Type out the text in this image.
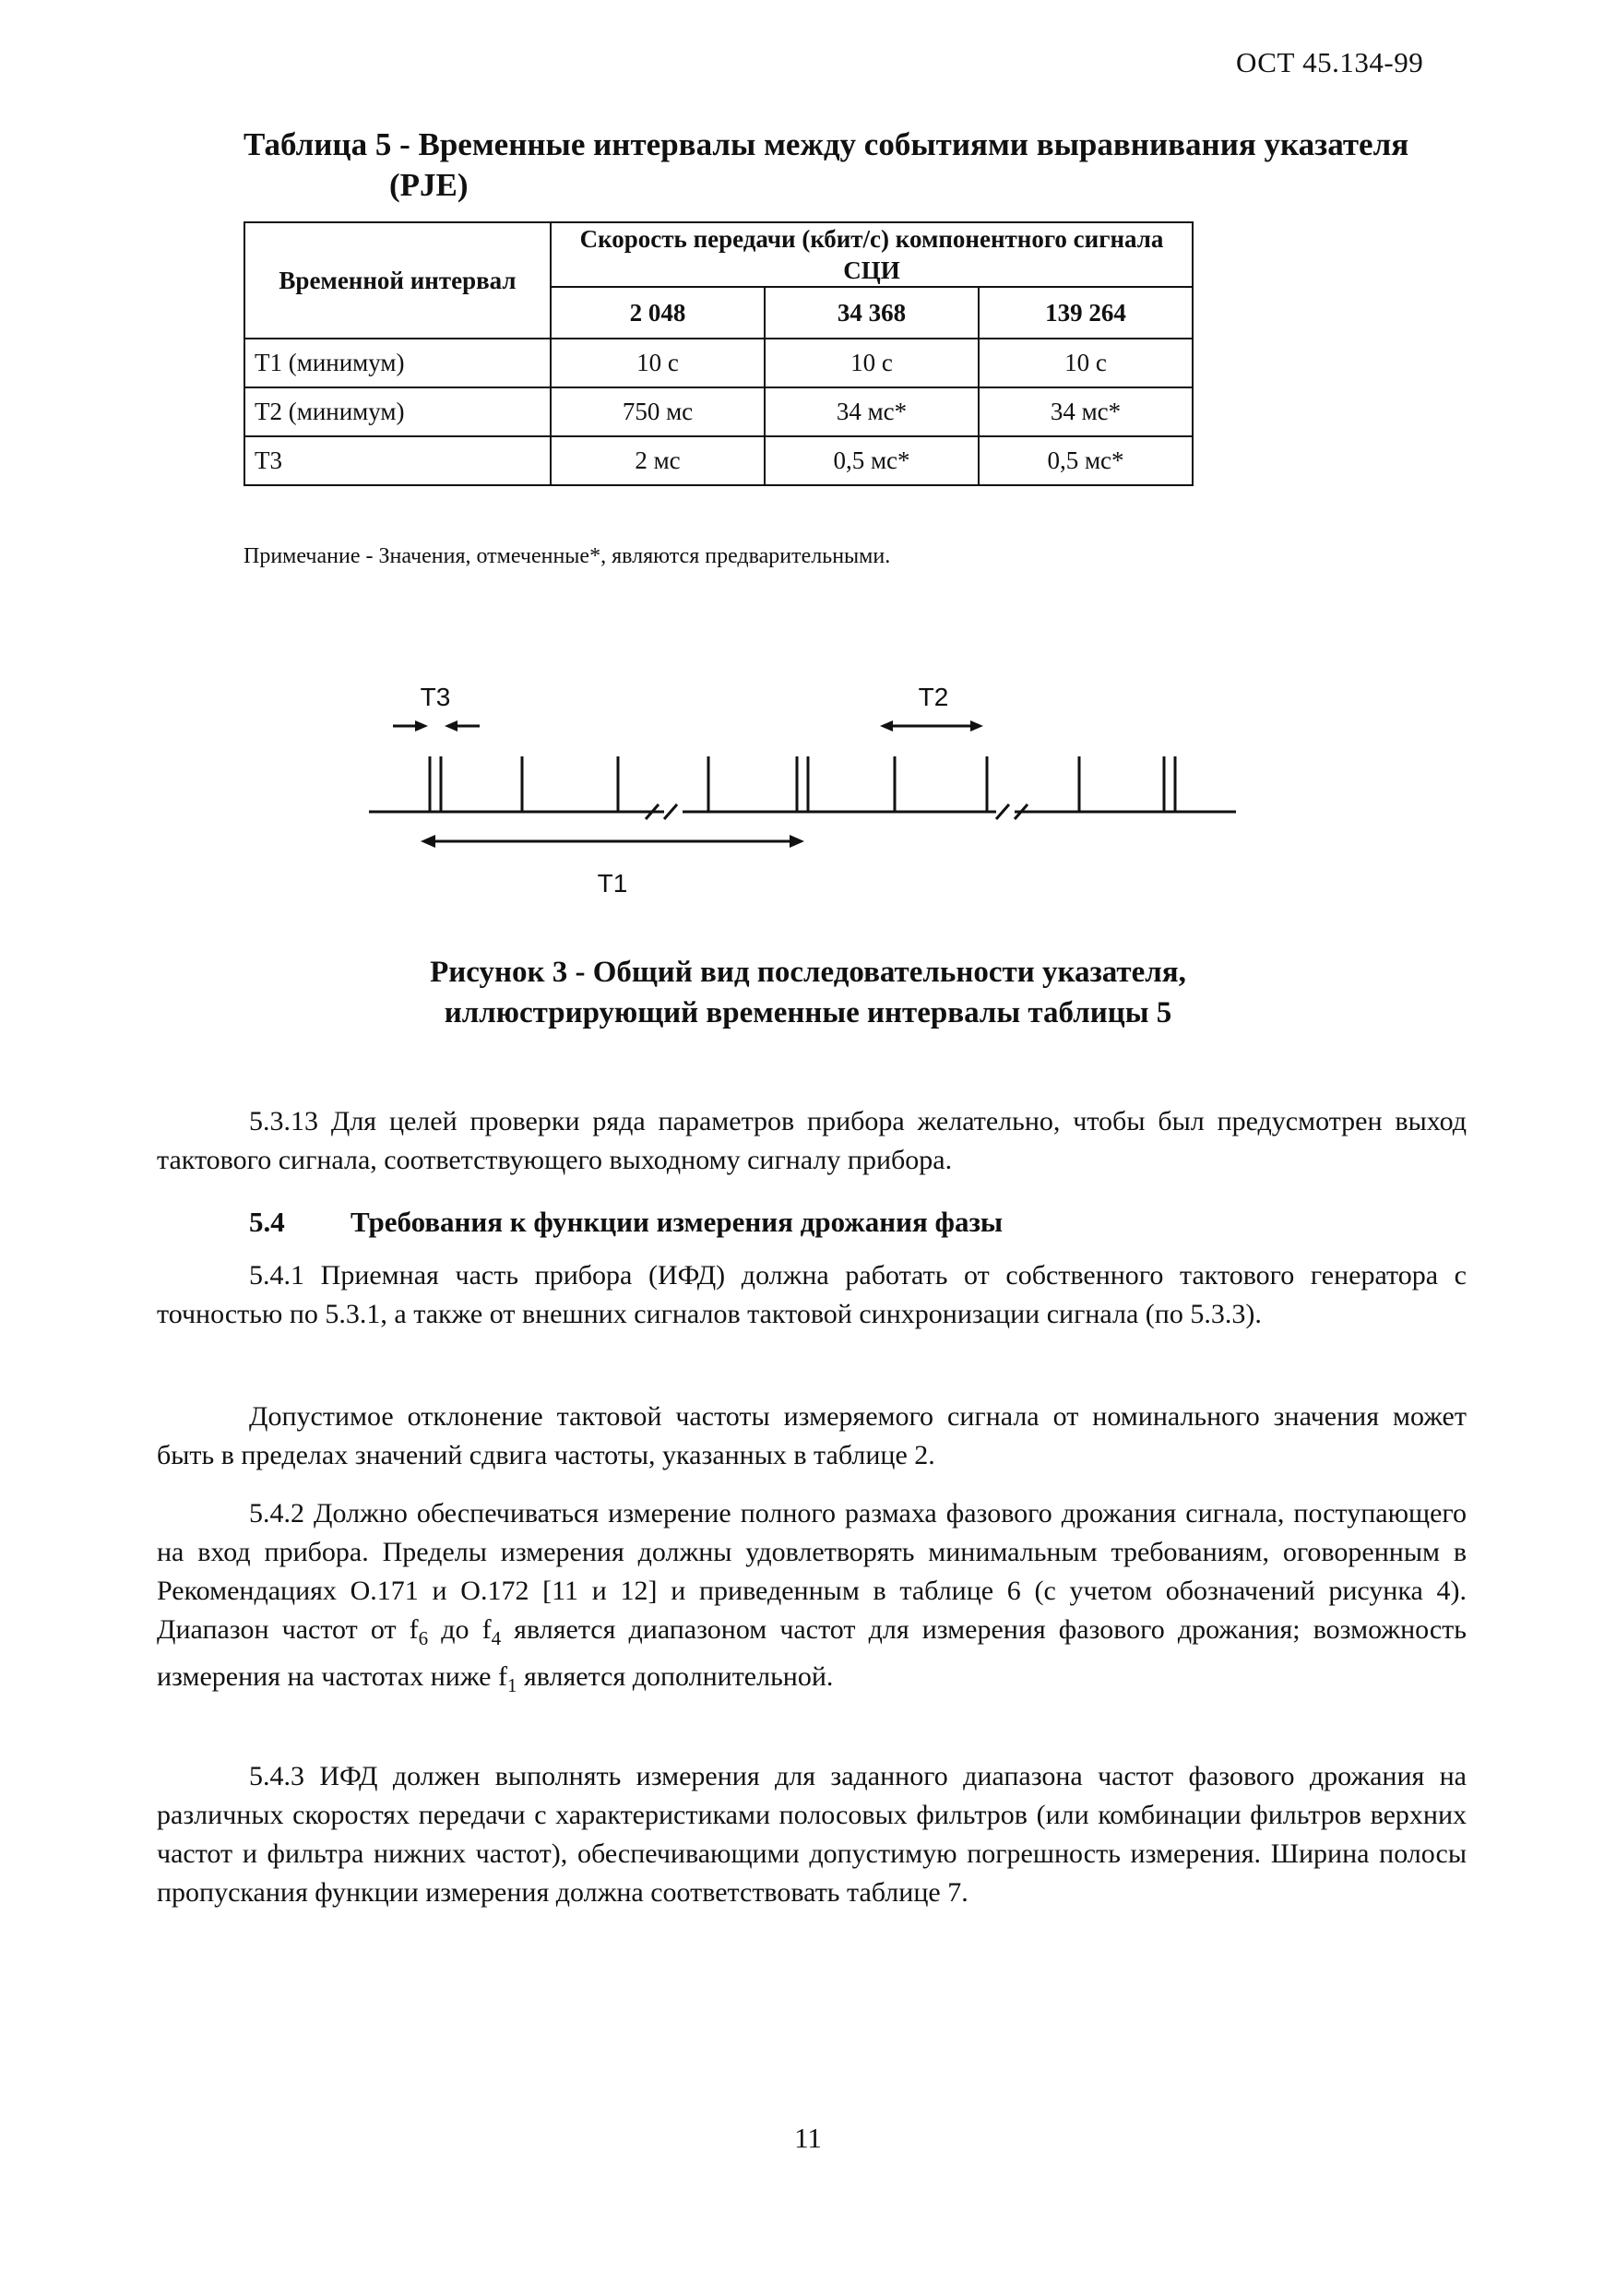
ОСТ 45.134-99
Таблица 5 - Временные интервалы между событиями выравнивания указателя
(PJE)
Временной интервал	Скорость передачи (кбит/с) компонентного сигнала СЦИ		
	2 048	34 368	139 264
T1 (минимум)	10 с	10 с	10 с
T2 (минимум)	750 мс	34 мс*	34 мс*
T3	2 мс	0,5 мс*	0,5 мс*
Примечание - Значения, отмеченные*, являются предварительными.
T3	T2
T1
Рисунок 3 - Общий вид последовательности указателя,
иллюстрирующий временные интервалы таблицы 5
5.3.13 Для целей проверки ряда параметров прибора желательно, чтобы был предусмотрен выход тактового сигнала, соответствующего выходному сигналу прибора.
5.4 Требования к функции измерения дрожания фазы
5.4.1 Приемная часть прибора (ИФД) должна работать от собственного тактового генератора с точностью по 5.3.1, а также от внешних сигналов тактовой синхронизации сигнала (по 5.3.3).
Допустимое отклонение тактовой частоты измеряемого сигнала от номинального значения может быть в пределах значений сдвига частоты, указанных в таблице 2.
5.4.2 Должно обеспечиваться измерение полного размаха фазового дрожания сигнала, поступающего на вход прибора. Пределы измерения должны удовлетворять минимальным требованиям, оговоренным в Рекомендациях O.171 и O.172 [11 и 12] и приведенным в таблице 6 (с учетом обозначений рисунка 4). Диапазон частот от $f_6$ до $f_4$ является диапазоном частот для измерения фазового дрожания; возможность измерения на частотах ниже $f_1$ является дополнительной.
5.4.3 ИФД должен выполнять измерения для заданного диапазона частот фазового дрожания на различных скоростях передачи с характеристиками полосовых фильтров (или комбинации фильтров верхних частот и фильтра нижних частот), обеспечивающими допустимую погрешность измерения. Ширина полосы пропускания функции измерения должна соответствовать таблице 7.
11
